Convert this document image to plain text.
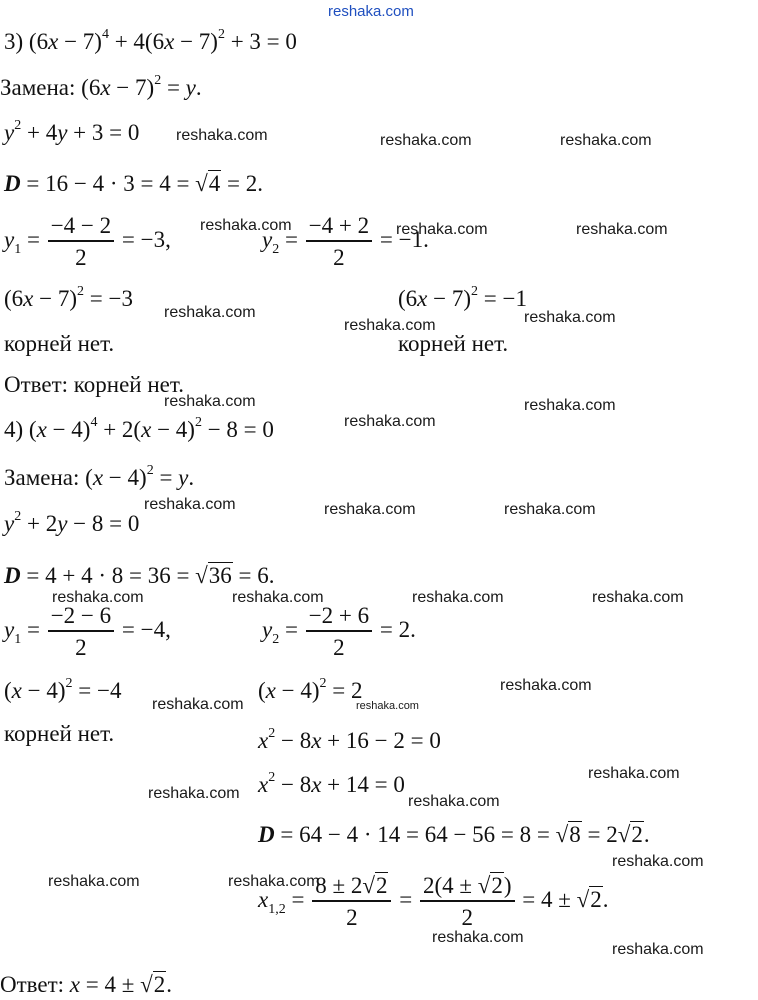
reshaka.com
3) $(6x - 7)^4 + 4(6x - 7)^2 + 3 = 0$
Замена: $(6x - 7)^2 = y$.
$y^2 + 4y + 3 = 0$
D = 16 − 4 · 3 = 4 = √4 = 2.
$y_1 = \frac{-4 - 2}{2} = -3$,	$y_2 = \frac{-4 + 2}{2} = -1$.
$(6x - 7)^2 = -3$	$(6x - 7)^2 = -1$
корней нет.	корней нет.
Ответ: корней нет.
4) $(x - 4)^4 + 2(x - 4)^2 - 8 = 0$
Замена: $(x - 4)^2 = y$.
$y^2 + 2y - 8 = 0$
D = 4 + 4 · 8 = 36 = √36 = 6.
$y_1 = \frac{-2 - 6}{2} = -4$,	$y_2 = \frac{-2 + 6}{2} = 2$.
$(x - 4)^2 = -4$	$(x - 4)^2 = 2$
корней нет.	$x^2 - 8x + 16 - 2 = 0$
$x^2 - 8x + 14 = 0$
D = 64 − 4 · 14 = 64 − 56 = 8 = √8 = 2√2.
$x_{1,2} = \frac{8 \pm 2√2}{2} = \frac{2(4 \pm √2)}{2} = 4 \pm √2$.
Ответ: x = 4 ± √2.
reshaka.com	reshaka.com	reshaka.com
reshaka.com	reshaka.com	reshaka.com
reshaka.com
reshaka.com	reshaka.com
reshaka.com
reshaka.com
reshaka.com
reshaka.com	reshaka.com	reshaka.com
reshaka.com	reshaka.com	reshaka.com	reshaka.com
reshaka.com	reshaka.com
reshaka.com
reshaka.com	reshaka.com
reshaka.com
reshaka.com
reshaka.com	reshaka.com
reshaka.com
reshaka.com
